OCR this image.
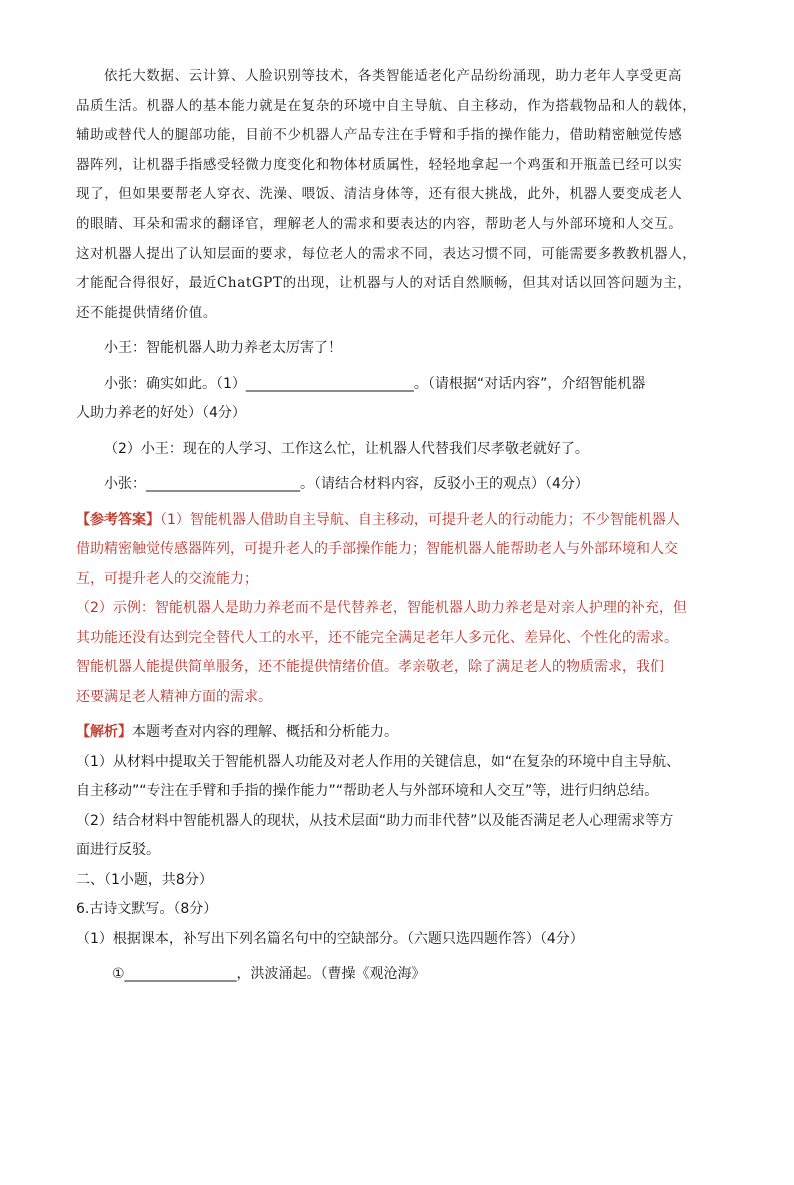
依托大数据、云计算、人脸识别等技术，各类智能适老化产品纷纷涌现，助力老年人享受更高
品质生活。机器人的基本能力就是在复杂的环境中自主导航、自主移动，作为搭载物品和人的载体，
辅助或替代人的腿部功能，目前不少机器人产品专注在手臂和手指的操作能力，借助精密触觉传感
器阵列，让机器手指感受轻微力度变化和物体材质属性，轻轻地拿起一个鸡蛋和开瓶盖已经可以实
现了，但如果要帮老人穿衣、洗澡、喂饭、清洁身体等，还有很大挑战，此外，机器人要变成老人
的眼睛、耳朵和需求的翻译官，理解老人的需求和要表达的内容，帮助老人与外部环境和人交互。
这对机器人提出了认知层面的要求，每位老人的需求不同，表达习惯不同，可能需要多教教机器人，
才能配合得很好，最近ChatGPT的出现，让机器与人的对话自然顺畅，但其对话以回答问题为主，
还不能提供情绪价值。
小王：智能机器人助力养老太厉害了！
小张：确实如此。（1）________________________。（请根据“对话内容”，介绍智能机器
人助力养老的好处）（4分）
（2）小王：现在的人学习、工作这么忙，让机器人代替我们尽孝敬老就好了。
小张：______________________。（请结合材料内容，反驳小王的观点）（4分）
【参考答案】（1）智能机器人借助自主导航、自主移动，可提升老人的行动能力；不少智能机器人
借助精密触觉传感器阵列，可提升老人的手部操作能力；智能机器人能帮助老人与外部环境和人交
互，可提升老人的交流能力；
（2）示例：智能机器人是助力养老而不是代替养老，智能机器人助力养老是对亲人护理的补充，但
其功能还没有达到完全替代人工的水平，还不能完全满足老年人多元化、差异化、个性化的需求。
智能机器人能提供简单服务，还不能提供情绪价值。孝亲敬老，除了满足老人的物质需求，我们
还要满足老人精神方面的需求。
【解析】本题考查对内容的理解、概括和分析能力。
（1）从材料中提取关于智能机器人功能及对老人作用的关键信息，如“在复杂的环境中自主导航、
自主移动”“专注在手臂和手指的操作能力”“帮助老人与外部环境和人交互”等，进行归纳总结。
（2）结合材料中智能机器人的现状，从技术层面“助力而非代替”以及能否满足老人心理需求等方
面进行反驳。
二、（1小题，共8分）
6.古诗文默写。（8分）
（1）根据课本，补写出下列名篇名句中的空缺部分。（六题只选四题作答）（4分）
①________________，洪波涌起。（曹操《观沧海》
